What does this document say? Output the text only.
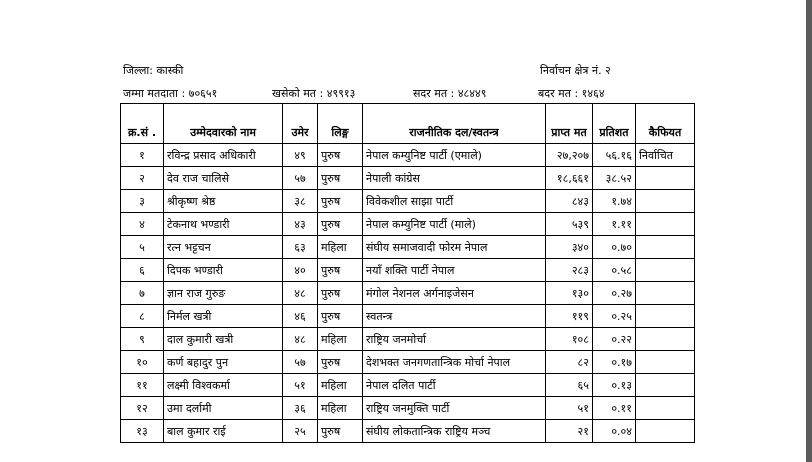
जिल्ला: कास्की	निर्वाचन क्षेत्र नं. २
जम्मा मतदाता : ७०६५१	खसेको मत : ४९९१३	सदर मत : ४८४४९	बदर मत : १४६४
क्र.सं .	उम्मेदवारको नाम	उमेर	लिङ्ग	राजनीतिक दल/स्वतन्त्र	प्राप्त मत	प्रतिशत	कैफियत
१	रविन्द्र प्रसाद अधिकारी	४९	पुरुष	नेपाल कम्युनिष्ट पार्टी (एमाले)	२७,२०७	५६.१६	निर्वाचित
२	देव राज चालिसे	५७	पुरुष	नेपाली कांग्रेस	१८,६६१	३८.५२	
३	श्रीकृष्ण श्रेष्ठ	३८	पुरुष	विवेकशील साझा पार्टी	८४३	१.७४	
४	टेकनाथ भण्डारी	४३	पुरुष	नेपाल कम्युनिष्ट पार्टी (माले)	५३९	१.११	
५	रत्न भट्टचन	६३	महिला	संघीय समाजवादी फोरम नेपाल	३४०	०.७०	
६	दिपक भण्डारी	४०	पुरुष	नयाँ शक्ति पार्टी नेपाल	२८३	०.५८	
७	ज्ञान राज गुरुङ	४८	पुरुष	मंगोल नेशनल अर्गनाइजेसन	१३०	०.२७	
८	निर्मल खत्री	४६	पुरुष	स्वतन्त्र	११९	०.२५	
९	दाल कुमारी खत्री	४८	महिला	राष्ट्रिय जनमोर्चा	१०८	०.२२	
१०	कर्ण बहादुर पुन	५७	पुरुष	देशभक्त जनगणतान्त्रिक मोर्चा नेपाल	८२	०.१७	
११	लक्ष्मी विश्वकर्मा	५१	महिला	नेपाल दलित पार्टी	६५	०.१३	
१२	उमा दर्लामी	३६	महिला	राष्ट्रिय जनमुक्ति पार्टी	५१	०.११	
१३	बाल कुमार राई	२५	पुरुष	संघीय लोकतान्त्रिक राष्ट्रिय मञ्च	२१	०.०४	
